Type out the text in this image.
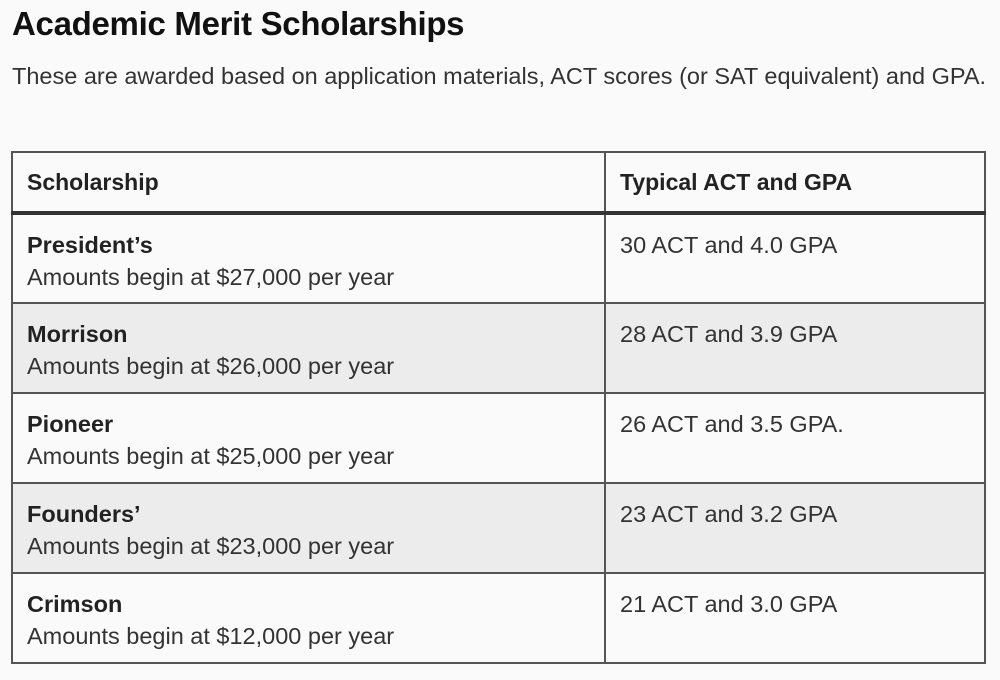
Academic Merit Scholarships

These are awarded based on application materials, ACT scores (or SAT equivalent) and GPA.

Scholarship	Typical ACT and GPA

President’s
Amounts begin at $27,000 per year	30 ACT and 4.0 GPA

Morrison
Amounts begin at $26,000 per year	28 ACT and 3.9 GPA

Pioneer
Amounts begin at $25,000 per year	26 ACT and 3.5 GPA.

Founders’
Amounts begin at $23,000 per year	23 ACT and 3.2 GPA

Crimson
Amounts begin at $12,000 per year	21 ACT and 3.0 GPA
